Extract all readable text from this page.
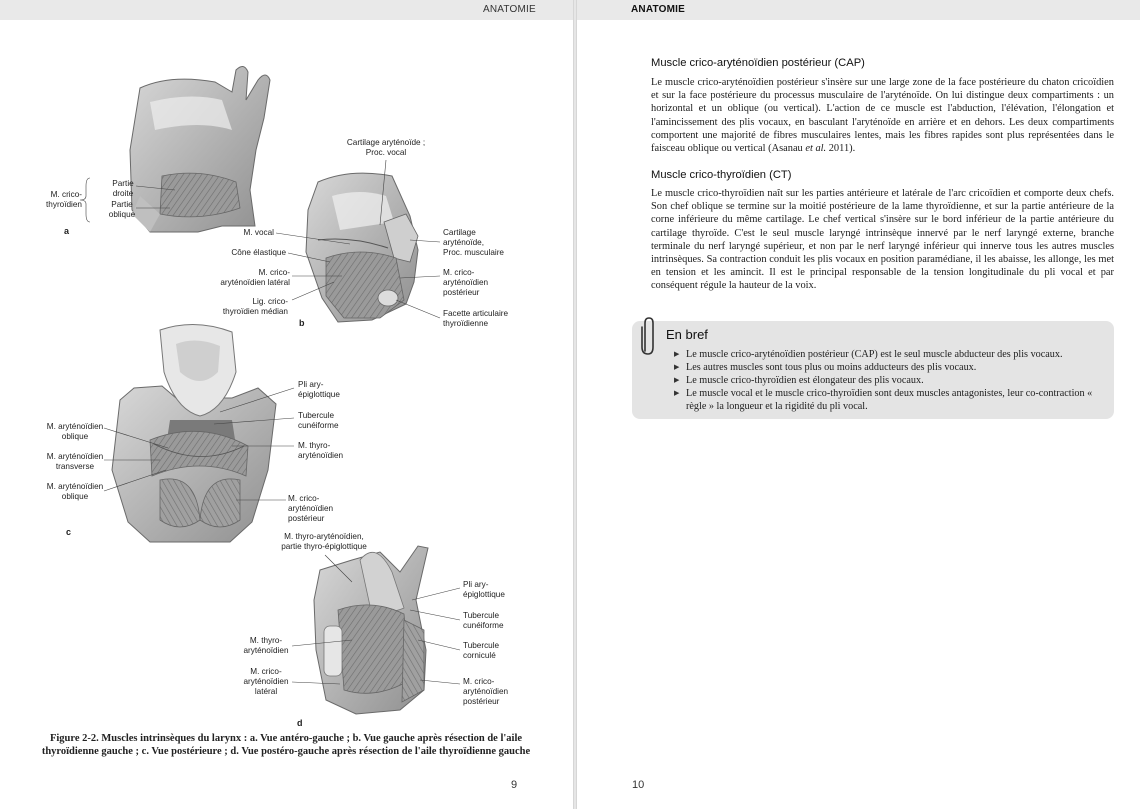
ANATOMIE	ANATOMIE
a
b
c
d
M. crico-
thyroïdien
Partie
droite
Partie
oblique
Cartilage aryténoïde ;
Proc. vocal
M. vocal
Cône élastique
M. crico-
aryténoïdien latéral
Lig. crico-
thyroïdien médian
Cartilage
aryténoïde,
Proc. musculaire
M. crico-
aryténoïdien
postérieur
Facette articulaire
thyroïdienne
M. aryténoïdien
oblique
M. aryténoïdien
transverse
M. aryténoïdien
oblique
Pli ary-
épiglottique
Tubercule
cunéiforme
M. thyro-
aryténoïdien
M. crico-
aryténoïdien
postérieur
M. thyro-aryténoïdien,
partie thyro-épiglottique
Pli ary-
épiglottique
Tubercule
cunéiforme
Tubercule
corniculé
M. thyro-
aryténoïdien
M. crico-
aryténoïdien
latéral
M. crico-
aryténoïdien
postérieur
Figure 2-2. Muscles intrinsèques du larynx : a. Vue antéro-gauche ; b. Vue gauche après résection de l'aile
thyroïdienne gauche ; c. Vue postérieure ; d. Vue postéro-gauche après résection de l'aile thyroïdienne gauche
9	10
Muscle crico-aryténoïdien postérieur (CAP)
Le muscle crico-aryténoïdien postérieur s'insère sur une large zone de la face postérieure du chaton cricoïdien et sur la face postérieure du processus musculaire de l'aryténoïde. On lui distingue deux compartiments : un horizontal et un oblique (ou vertical). L'action de ce muscle est l'abduction, l'élévation, l'élongation et l'amincissement des plis vocaux, en basculant l'aryténoïde en arrière et en dehors. Les deux compartiments comportent une majorité de fibres musculaires lentes, mais les fibres rapides sont plus représentées dans le faisceau oblique ou vertical (Asanau et al. 2011).
Muscle crico-thyroïdien (CT)
Le muscle crico-thyroïdien naît sur les parties antérieure et latérale de l'arc cricoïdien et comporte deux chefs. Son chef oblique se termine sur la moitié postérieure de la lame thyroïdienne, et sur la partie antérieure de la corne inférieure du même cartilage. Le chef vertical s'insère sur le bord inférieur de la partie antérieure du cartilage thyroïde. C'est le seul muscle laryngé intrinsèque innervé par le nerf laryngé externe, branche terminale du nerf laryngé supérieur, et non par le nerf laryngé inférieur qui innerve tous les autres muscles intrinsèques. Sa contraction conduit les plis vocaux en position paramédiane, il les abaisse, les allonge, les met en tension et les amincit. Il est le principal responsable de la tension longitudinale du pli vocal et par conséquent régule la hauteur de la voix.
En bref
▶ Le muscle crico-aryténoïdien postérieur (CAP) est le seul muscle abducteur des plis vocaux.
▶ Les autres muscles sont tous plus ou moins adducteurs des plis vocaux.
▶ Le muscle crico-thyroïdien est élongateur des plis vocaux.
▶ Le muscle vocal et le muscle crico-thyroïdien sont deux muscles antagonistes, leur co-contraction « règle » la longueur et la rigidité du pli vocal.
